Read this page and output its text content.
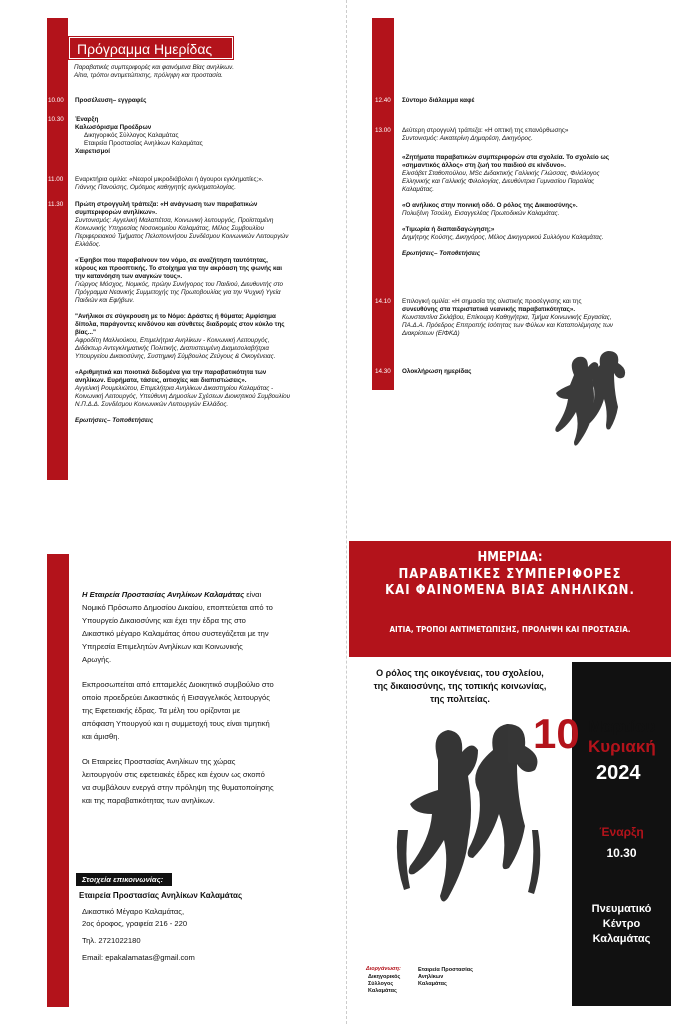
Πρόγραμμα Ημερίδας
Παραβατικές συμπεριφορές και φαινόμενα Βίας ανηλίκων.
Αίτια, τρόποι αντιμετώπισης, πρόληψη και προστασία.
10.00 Προσέλευση– εγγραφές
10.30 Έναρξη
Καλωσόρισμα Προέδρων
Δικηγορικός Σύλλογος Καλαμάτας
Εταιρεία Προστασίας Ανηλίκων Καλαμάτας
Χαιρετισμοί
11.00 Εναρκτήρια ομιλία: «Νεαροί μικροδιάβολοι ή άγουροι εγκληματίες;».
Γιάννης Πανούσης, Ομότιμος καθηγητής εγκληματολογίας.
11.30 Πρώτη στρογγυλή τράπεζα: «Η ανάγνωση των παραβατικών
συμπεριφορών ανηλίκων».
Συντονισμός: Αγγελική Μαλαπέτσα, Κοινωνική λειτουργός, Προϊσταμένη
Κοινωνικής Υπηρεσίας Νοσοκομείου Καλαμάτας, Μέλος Συμβουλίου
Περιφερειακού Τμήματος Πελοποννήσου Συνδέσμου Κοινωνικών Λειτουργών
Ελλάδος.
«Έφηβοι που παραβαίνουν τον νόμο, σε αναζήτηση ταυτότητας,
κύρους και προοπτικής. Το στοίχημα για την ακρόαση της φωνής και
την κατανόηση των αναγκών τους».
Γιώργος Μόσχος, Νομικός, πρώην Συνήγορος του Παιδιού, Διευθυντής στο
Πρόγραμμα Νεανικής Συμμετοχής της Πρωτοβουλίας για την Ψυχική Υγεία
Παιδιών και Εφήβων.
"Ανήλικοι σε σύγκρουση με το Νόμο: Δράστες ή θύματα; Αμφίσημα
δίπολα, παράγοντες κινδύνου και σύνθετες διαδρομές στον κύκλο της
βίας..."
Αφροδίτη Μαλλιούκου, Επιμελήτρια Ανηλίκων - Κοινωνική Λειτουργός,
Διδάκτωρ Αντεγκληματικής Πολιτικής, Διαπιστευμένη Διαμεσολαβήτρια
Υπουργείου Δικαιοσύνης, Συστημική Σύμβουλος Ζεύγους & Οικογένειας.
«Αριθμητικά και ποιοτικά δεδομένα για την παραβατικότητα των
ανηλίκων. Ευρήματα, τάσεις, αιτιοχίες και διαπιστώσεις».
Αγγελική Ρουμελιώτου, Επιμελήτρια Ανηλίκων Δικαστηρίου Καλαμάτας -
Κοινωνική Λειτουργός, Υπεύθυνη Δημοσίων Σχέσεων Διοικητικού Συμβουλίου
Ν.Π.Δ.Δ. Συνδέσμου Κοινωνικών Λειτουργών Ελλάδος.
Ερωτήσεις– Τοποθετήσεις
12.40 Σύντομο διάλειμμα καφέ
13.00 Δεύτερη στρογγυλή τράπεζα: «Η οπτική της επανόρθωσης»
Συντονισμός: Αικατερίνη Δημαρέση, Δικηγόρος.
«Ζητήματα παραβατικών συμπεριφορών στα σχολεία. Το σχολείο ως
«σημαντικός άλλος» στη ζωή του παιδιού σε κίνδυνο».
Ελισάβετ Σταθοπούλου, MSc Διδακτικής Γαλλικής Γλώσσας, Φιλόλογος
Ελληνικής και Γαλλικής Φιλολογίας, Διευθύντρια Γυμνασίου Παραλίας
Καλαμάτας.
«Ο ανήλικος στην ποινική οδό. Ο ρόλος της Δικαιοσύνης».
Πολυξένη Τσούλη, Εισαγγελέας Πρωτοδικών Καλαμάτας.
«Τιμωρία ή διαπαιδαγώγηση;»
Δημήτρης Κούσης, Δικηγόρος, Μέλος Δικηγορικού Συλλόγου Καλαμάτας.
Ερωτήσεις– Τοποθετήσεις
14.10 Επιλογική ομιλία: «Η σημασία της ολιστικής προσέγγισης και της
συνευθύνης στα περιστατικά νεανικής παραβατικότητας».
Κωνσταντίνα Σκλάβου, Επίκουρη Καθηγήτρια, Τμήμα Κοινωνικής Εργασίας,
ΠΑ.Δ.Α. Πρόεδρος Επιτροπής Ισότητας των Φύλων και Καταπολέμησης των
Διακρίσεων (ΕΙΦΚΔ)
14.30 Ολοκλήρωση ημερίδας
Η Εταιρεία Προστασίας Ανηλίκων Καλαμάτας είναι
Νομικό Πρόσωπο Δημοσίου Δικαίου, εποπτεύεται από το
Υπουργείο Δικαιοσύνης και έχει την έδρα της στο
Δικαστικό μέγαρο Καλαμάτας όπου συστεγάζεται με την
Υπηρεσία Επιμελητών Ανηλίκων και Κοινωνικής
Αρωγής.
Εκπροσωπείται από επταμελές Διοικητικό συμβούλιο στο
οποίο προεδρεύει Δικαστικός ή Εισαγγελικός λειτουργός
της Εφετειακής έδρας. Τα μέλη του ορίζονται με
απόφαση Υπουργού και η συμμετοχή τους είναι τιμητική
και άμισθη.
Οι Εταιρείες Προστασίας Ανηλίκων της χώρας
λειτουργούν στις εφετειακές έδρες και έχουν ως σκοπό
να συμβάλουν ενεργά στην πρόληψη της θυματοποίησης
και της παραβατικότητας των ανηλίκων.
Στοιχεία επικοινωνίας:
Εταιρεία Προστασίας Ανηλίκων Καλαμάτας
Δικαστικό Μέγαρο Καλαμάτας,
2ος όροφος, γραφεία 216 - 220
Τηλ. 2721022180
Email: epakalamatas@gmail.com
ΗΜΕΡΙΔΑ:
ΠΑΡΑΒΑΤΙΚΕΣ ΣΥΜΠΕΡΙΦΟΡΕΣ
ΚΑΙ ΦΑΙΝΟΜΕΝΑ ΒΙΑΣ ΑΝΗΛΙΚΩΝ.
ΑΙΤΙΑ, ΤΡΟΠΟΙ ΑΝΤΙΜΕΤΩΠΙΣΗΣ, ΠΡΟΛΗΨΗ ΚΑΙ ΠΡΟΣΤΑΣΙΑ.
Ο ρόλος της οικογένειας, του σχολείου,
της δικαιοσύνης, της τοπικής κοινωνίας,
της πολιτείας.
10 Μαρτίου
Κυριακή
2024
Έναρξη
10.30
Πνευματικό
Κέντρο
Καλαμάτας
Διοργάνωση:
Δικηγορικός
Σύλλογος
Καλαμάτας
Εταιρεία Προστασίας
Ανηλίκων
Καλαμάτας
